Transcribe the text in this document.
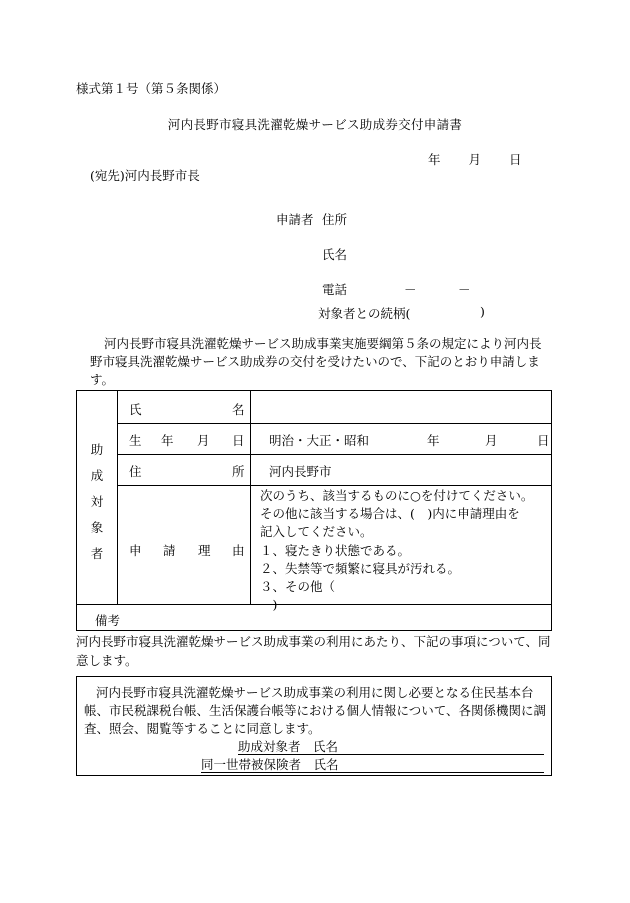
様式第１号（第５条関係）
河内長野市寝具洗濯乾燥サービス助成券交付申請書
年 月 日
(宛先)河内長野市長
申請者 住所
氏名
電話	－	－
対象者との続柄(	)
河内長野市寝具洗濯乾燥サービス助成事業実施要綱第５条の規定により河内長野市寝具洗濯乾燥サービス助成券の交付を受けたいので、下記のとおり申請します。
助
成
対
象
者
氏	名
生 年 月 日 明治・大正・昭和	年	月	日
住	所 河内長野市
申 請 理 由
次のうち、該当するものに○を付けてください。
その他に該当する場合は、(　)内に申請理由を
記入してください。
１、寝たきり状態である。
２、失禁等で頻繁に寝具が汚れる。
３、その他（
　)
備考
河内長野市寝具洗濯乾燥サービス助成事業の利用にあたり、下記の事項について、同意します。
河内長野市寝具洗濯乾燥サービス助成事業の利用に関し必要となる住民基本台帳、市民税課税台帳、生活保護台帳等における個人情報について、各関係機関に調査、照会、閲覧等することに同意します。
助成対象者　氏名
同一世帯被保険者　氏名
